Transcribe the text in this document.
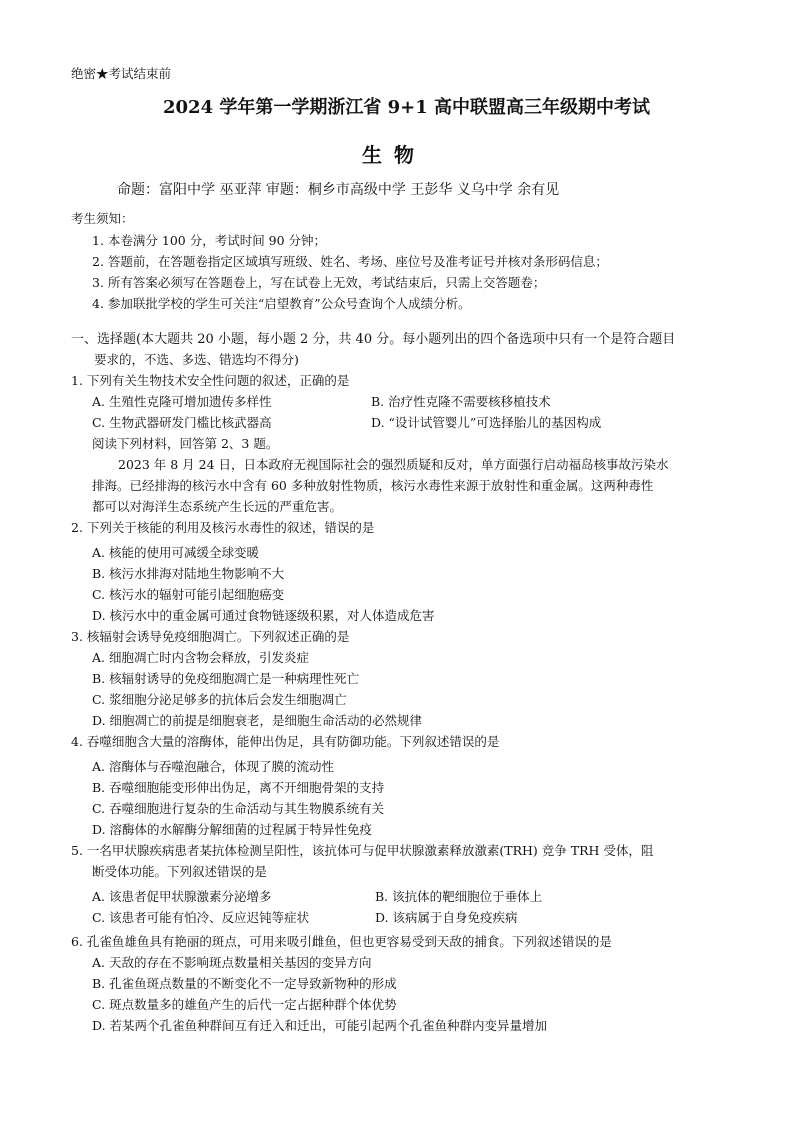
绝密★考试结束前
2024 学年第一学期浙江省 9+1 高中联盟高三年级期中考试
生物
命题：富阳中学 巫亚萍 审题：桐乡市高级中学 王彭华 义乌中学 余有见
考生须知：
1. 本卷满分 100 分，考试时间 90 分钟；
2. 答题前，在答题卷指定区域填写班级、姓名、考场、座位号及准考证号并核对条形码信息；
3. 所有答案必须写在答题卷上，写在试卷上无效，考试结束后，只需上交答题卷；
4. 参加联批学校的学生可关注“启望教育”公众号查询个人成绩分析。
一、选择题(本大题共 20 小题，每小题 2 分，共 40 分。每小题列出的四个备选项中只有一个是符合题目
要求的，不选、多选、错选均不得分)
1. 下列有关生物技术安全性问题的叙述，正确的是
A. 生殖性克隆可增加遗传多样性	B. 治疗性克隆不需要核移植技术
C. 生物武器研发门槛比核武器高	D. “设计试管婴儿”可选择胎儿的基因构成
阅读下列材料，回答第 2、3 题。
2023 年 8 月 24 日，日本政府无视国际社会的强烈质疑和反对，单方面强行启动福岛核事故污染水
排海。已经排海的核污水中含有 60 多种放射性物质，核污水毒性来源于放射性和重金属。这两种毒性
都可以对海洋生态系统产生长远的严重危害。
2. 下列关于核能的利用及核污水毒性的叙述，错误的是
A. 核能的使用可减缓全球变暖
B. 核污水排海对陆地生物影响不大
C. 核污水的辐射可能引起细胞癌变
D. 核污水中的重金属可通过食物链逐级积累，对人体造成危害
3. 核辐射会诱导免疫细胞凋亡。下列叙述正确的是
A. 细胞凋亡时内含物会释放，引发炎症
B. 核辐射诱导的免疫细胞凋亡是一种病理性死亡
C. 浆细胞分泌足够多的抗体后会发生细胞凋亡
D. 细胞凋亡的前提是细胞衰老，是细胞生命活动的必然规律
4. 吞噬细胞含大量的溶酶体，能伸出伪足，具有防御功能。下列叙述错误的是
A. 溶酶体与吞噬泡融合，体现了膜的流动性
B. 吞噬细胞能变形伸出伪足，离不开细胞骨架的支持
C. 吞噬细胞进行复杂的生命活动与其生物膜系统有关
D. 溶酶体的水解酶分解细菌的过程属于特异性免疫
5. 一名甲状腺疾病患者某抗体检测呈阳性，该抗体可与促甲状腺激素释放激素(TRH) 竞争 TRH 受体，阻
断受体功能。下列叙述错误的是
A. 该患者促甲状腺激素分泌增多	B. 该抗体的靶细胞位于垂体上
C. 该患者可能有怕冷、反应迟钝等症状	D. 该病属于自身免疫疾病
6. 孔雀鱼雄鱼具有艳丽的斑点，可用来吸引雌鱼，但也更容易受到天敌的捕食。下列叙述错误的是
A. 天敌的存在不影响斑点数量相关基因的变异方向
B. 孔雀鱼斑点数量的不断变化不一定导致新物种的形成
C. 斑点数量多的雄鱼产生的后代一定占据种群个体优势
D. 若某两个孔雀鱼种群间互有迁入和迁出，可能引起两个孔雀鱼种群内变异量增加
